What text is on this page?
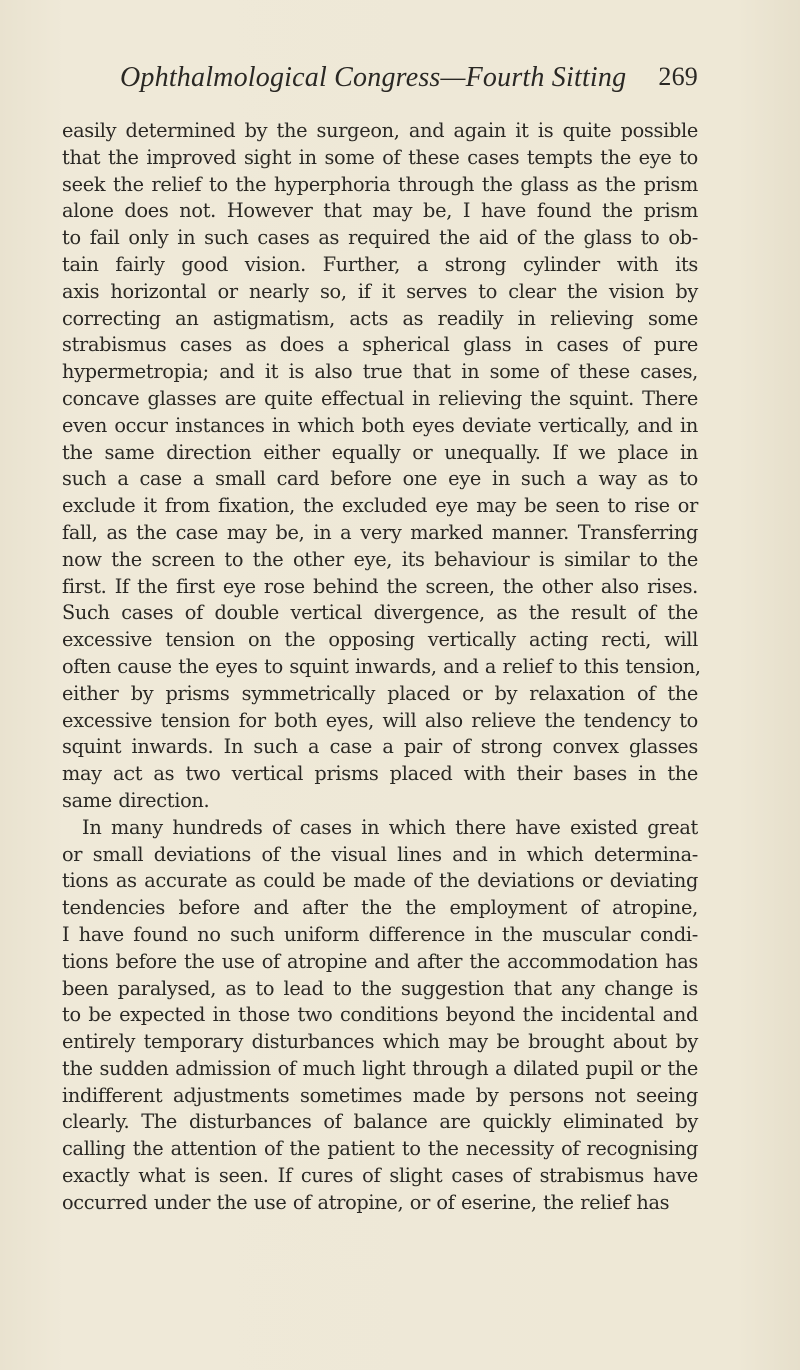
Ophthalmological Congress—Fourth Sitting 269

easily determined by the surgeon, and again it is quite possible
that the improved sight in some of these cases tempts the eye to
seek the relief to the hyperphoria through the glass as the prism
alone does not. However that may be, I have found the prism
to fail only in such cases as required the aid of the glass to ob-
tain fairly good vision. Further, a strong cylinder with its
axis horizontal or nearly so, if it serves to clear the vision by
correcting an astigmatism, acts as readily in relieving some
strabismus cases as does a spherical glass in cases of pure
hypermetropia; and it is also true that in some of these cases,
concave glasses are quite effectual in relieving the squint. There
even occur instances in which both eyes deviate vertically, and in
the same direction either equally or unequally. If we place in
such a case a small card before one eye in such a way as to
exclude it from fixation, the excluded eye may be seen to rise or
fall, as the case may be, in a very marked manner. Transferring
now the screen to the other eye, its behaviour is similar to the
first. If the first eye rose behind the screen, the other also rises.
Such cases of double vertical divergence, as the result of the
excessive tension on the opposing vertically acting recti, will
often cause the eyes to squint inwards, and a relief to this tension,
either by prisms symmetrically placed or by relaxation of the
excessive tension for both eyes, will also relieve the tendency to
squint inwards. In such a case a pair of strong convex glasses
may act as two vertical prisms placed with their bases in the
same direction.

In many hundreds of cases in which there have existed great
or small deviations of the visual lines and in which determina-
tions as accurate as could be made of the deviations or deviating
tendencies before and after the the employment of atropine,
I have found no such uniform difference in the muscular condi-
tions before the use of atropine and after the accommodation has
been paralysed, as to lead to the suggestion that any change is
to be expected in those two conditions beyond the incidental and
entirely temporary disturbances which may be brought about by
the sudden admission of much light through a dilated pupil or the
indifferent adjustments sometimes made by persons not seeing
clearly. The disturbances of balance are quickly eliminated by
calling the attention of the patient to the necessity of recognising
exactly what is seen. If cures of slight cases of strabismus have
occurred under the use of atropine, or of eserine, the relief has
